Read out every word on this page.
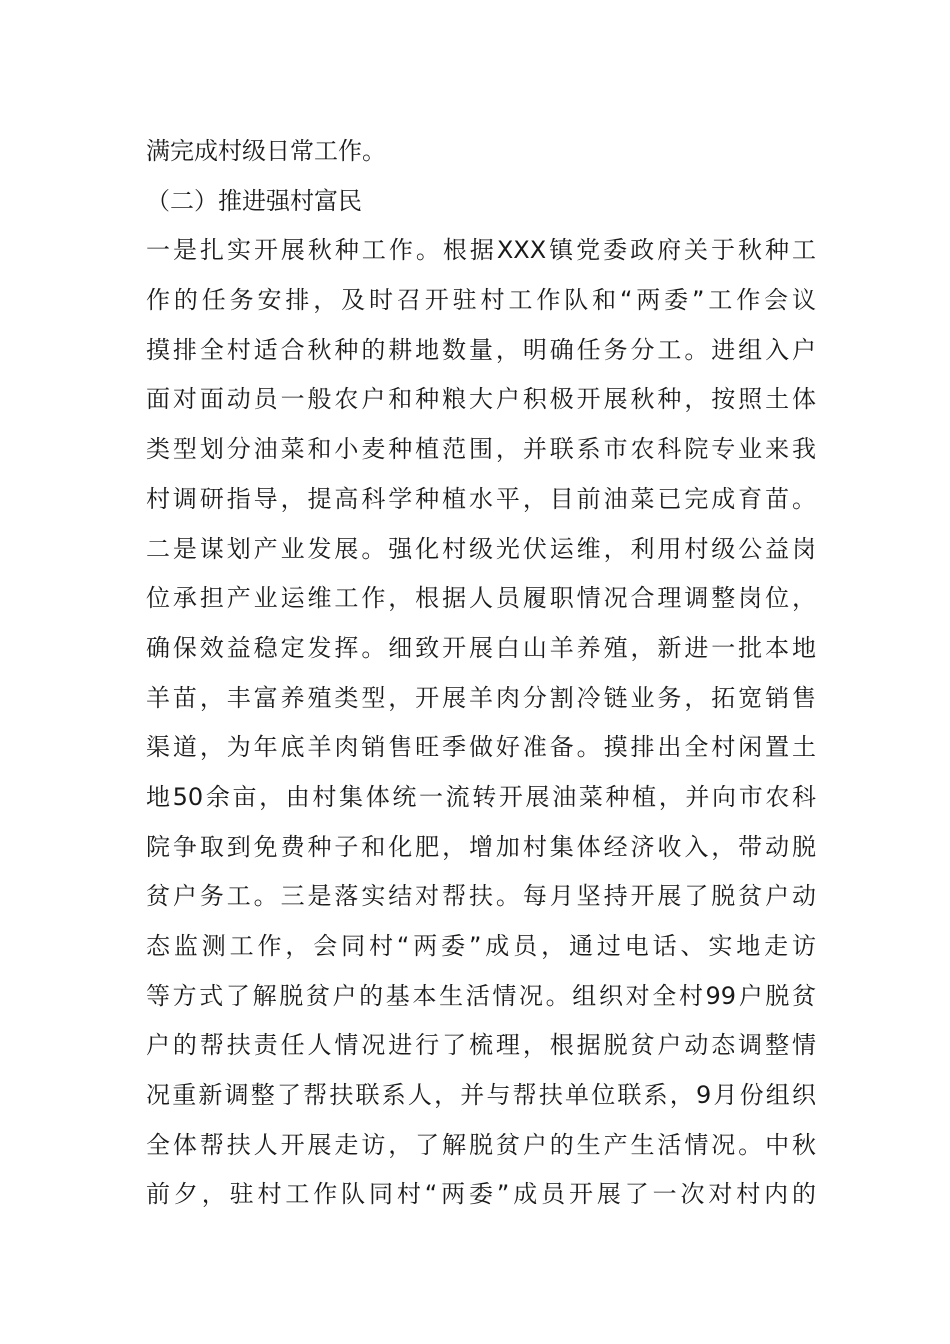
满完成村级日常工作。
（二）推进强村富民
一是扎实开展秋种工作。根据XXX镇党委政府关于秋种工
作的任务安排，及时召开驻村工作队和“两委”工作会议
摸排全村适合秋种的耕地数量，明确任务分工。进组入户
面对面动员一般农户和种粮大户积极开展秋种，按照土体
类型划分油菜和小麦种植范围，并联系市农科院专业来我
村调研指导，提高科学种植水平，目前油菜已完成育苗。
二是谋划产业发展。强化村级光伏运维，利用村级公益岗
位承担产业运维工作，根据人员履职情况合理调整岗位，
确保效益稳定发挥。细致开展白山羊养殖，新进一批本地
羊苗，丰富养殖类型，开展羊肉分割冷链业务，拓宽销售
渠道，为年底羊肉销售旺季做好准备。摸排出全村闲置土
地50余亩，由村集体统一流转开展油菜种植，并向市农科
院争取到免费种子和化肥，增加村集体经济收入，带动脱
贫户务工。三是落实结对帮扶。每月坚持开展了脱贫户动
态监测工作，会同村“两委”成员，通过电话、实地走访
等方式了解脱贫户的基本生活情况。组织对全村99户脱贫
户的帮扶责任人情况进行了梳理，根据脱贫户动态调整情
况重新调整了帮扶联系人，并与帮扶单位联系，9月份组织
全体帮扶人开展走访，了解脱贫户的生产生活情况。中秋
前夕，驻村工作队同村“两委”成员开展了一次对村内的
